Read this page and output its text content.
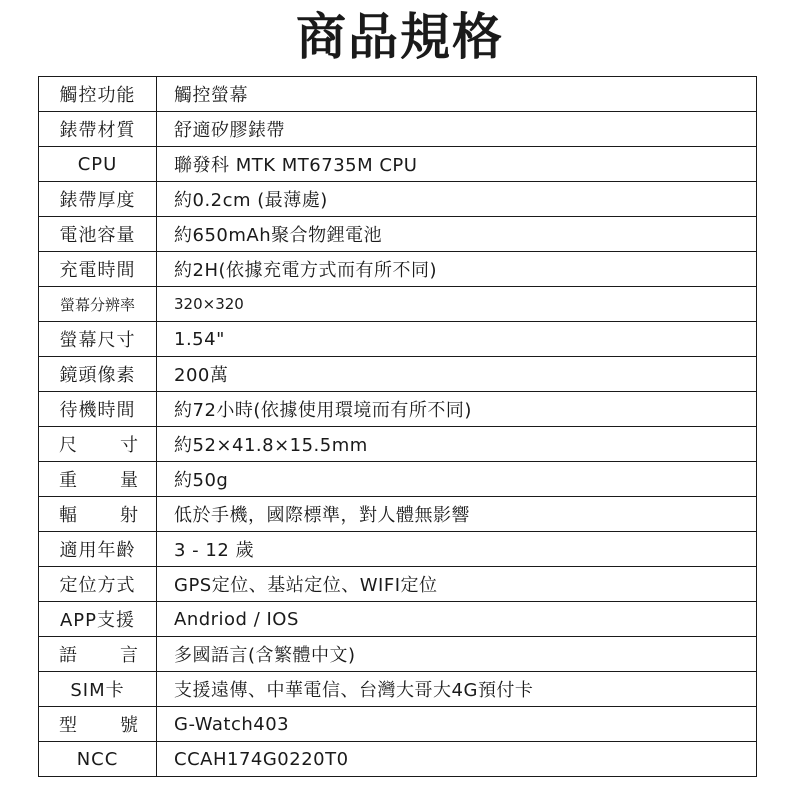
商品規格
觸控功能	觸控螢幕
錶帶材質	舒適矽膠錶帶
CPU	聯發科 MTK MT6735M CPU
錶帶厚度	約0.2cm (最薄處)
電池容量	約650mAh聚合物鋰電池
充電時間	約2H(依據充電方式而有所不同)
螢幕分辨率	320×320
螢幕尺寸	1.54"
鏡頭像素	200萬
待機時間	約72小時(依據使用環境而有所不同)
尺寸	約52×41.8×15.5mm
重量	約50g
輻射	低於手機，國際標準，對人體無影響
適用年齡	3 - 12 歲
定位方式	GPS定位、基站定位、WIFI定位
APP支援	Andriod / IOS
語言	多國語言(含繁體中文)
SIM卡	支援遠傳、中華電信、台灣大哥大4G預付卡
型號	G-Watch403
NCC	CCAH174G0220T0
